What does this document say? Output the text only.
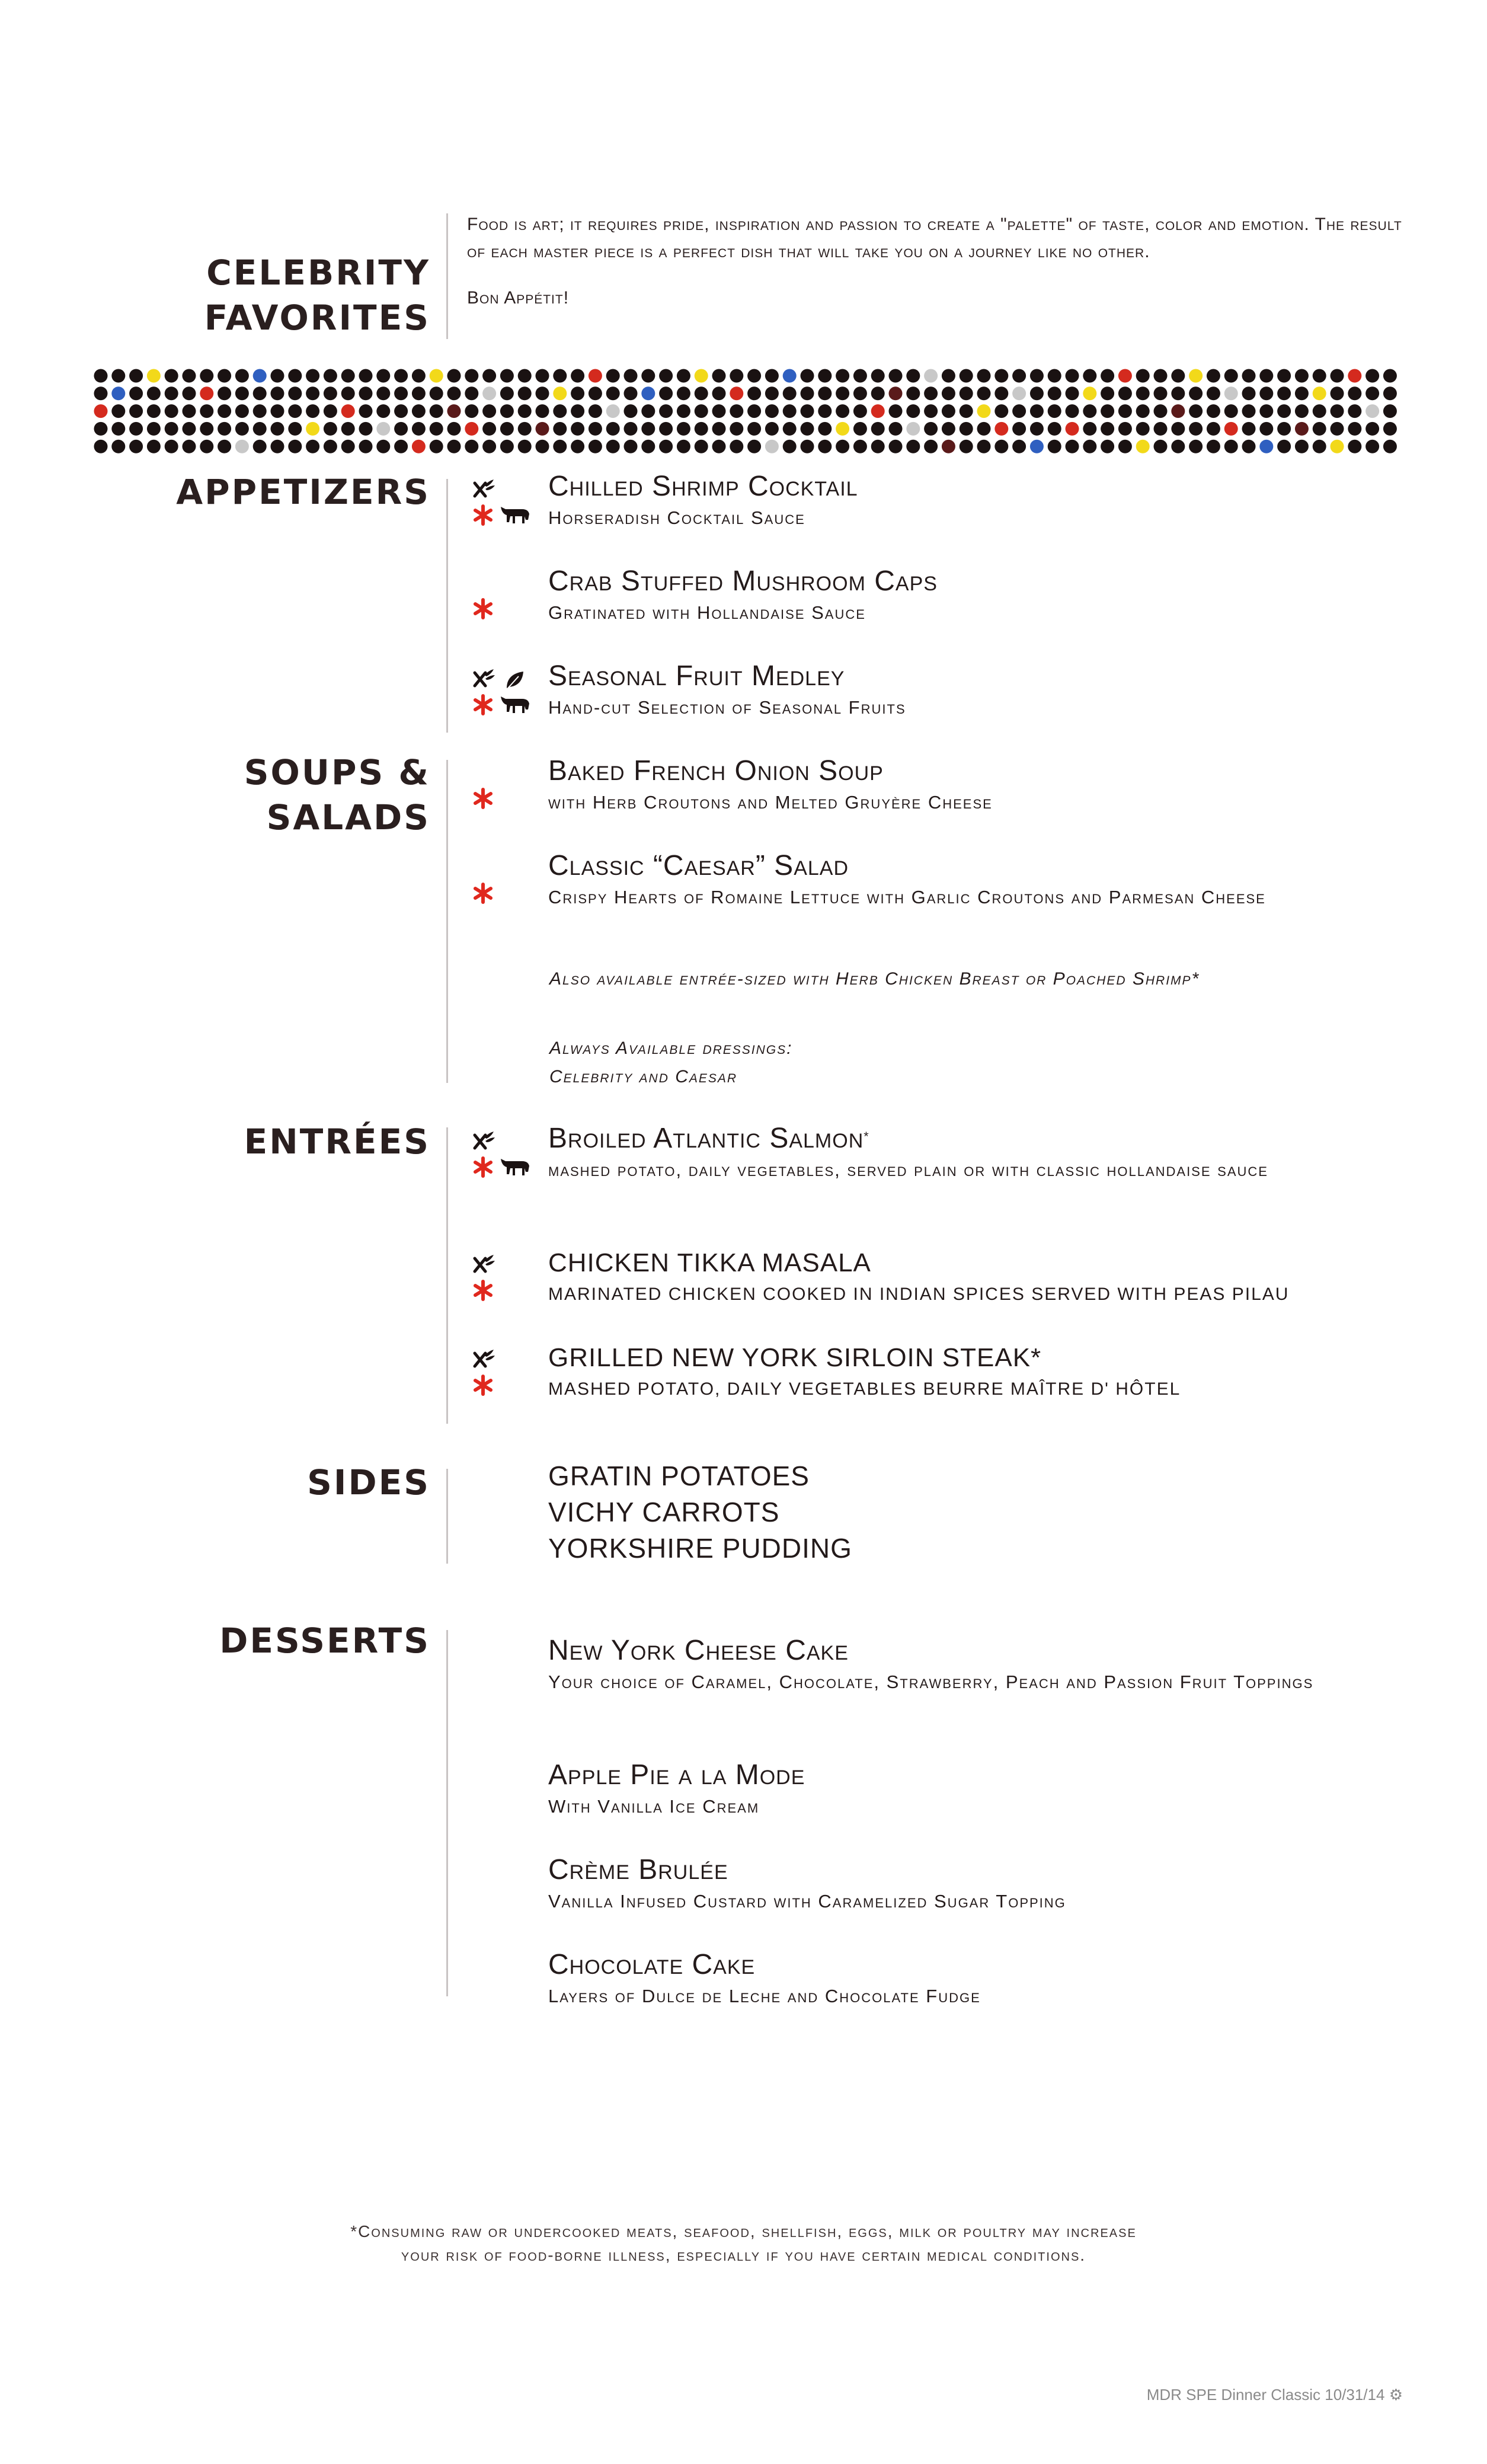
CELEBRITY
FAVORITES

Food is art; it requires pride, inspiration and passion to create a "palette" of taste, color and emotion. The result of each master piece is a perfect dish that will take you on a journey like no other.

Bon Appétit!

APPETIZERS	Chilled Shrimp Cocktail
Horseradish Cocktail Sauce
Crab Stuffed Mushroom Caps
Gratinated with Hollandaise Sauce
Seasonal Fruit Medley
Hand-cut Selection of Seasonal Fruits
SOUPS &
SALADS
Baked French Onion Soup
with Herb Croutons and Melted Gruyère Cheese
Classic “Caesar” Salad
Crispy Hearts of Romaine Lettuce with Garlic Croutons and Parmesan Cheese

Also available entrée-sized with Herb Chicken Breast or Poached Shrimp*

Always Available dressings:

Celebrity and Caesar

ENTRÉES	Broiled Atlantic Salmon*
mashed potato, daily vegetables, served plain or with classic hollandaise sauce
CHICKEN TIKKA MASALA
MARINATED CHICKEN COOKED IN INDIAN SPICES SERVED WITH PEAS PILAU
GRILLED NEW YORK SIRLOIN STEAK*
MASHED POTATO, DAILY VEGETABLES BEURRE MAÎTRE D' HÔTEL
SIDES	GRATIN POTATOES
VICHY CARROTS
YORKSHIRE PUDDING
DESSERTS	New York Cheese Cake
Your choice of Caramel, Chocolate, Strawberry, Peach and Passion Fruit Toppings
Apple Pie a la Mode
With Vanilla Ice Cream
Crème Brulée
Vanilla Infused Custard with Caramelized Sugar Topping
Chocolate Cake
Layers of Dulce de Leche and Chocolate Fudge
*Consuming raw or undercooked meats, seafood, shellfish, eggs, milk or poultry may increase
your risk of food-borne illness, especially if you have certain medical conditions.
MDR SPE Dinner Classic 10/31/14 ⚙
